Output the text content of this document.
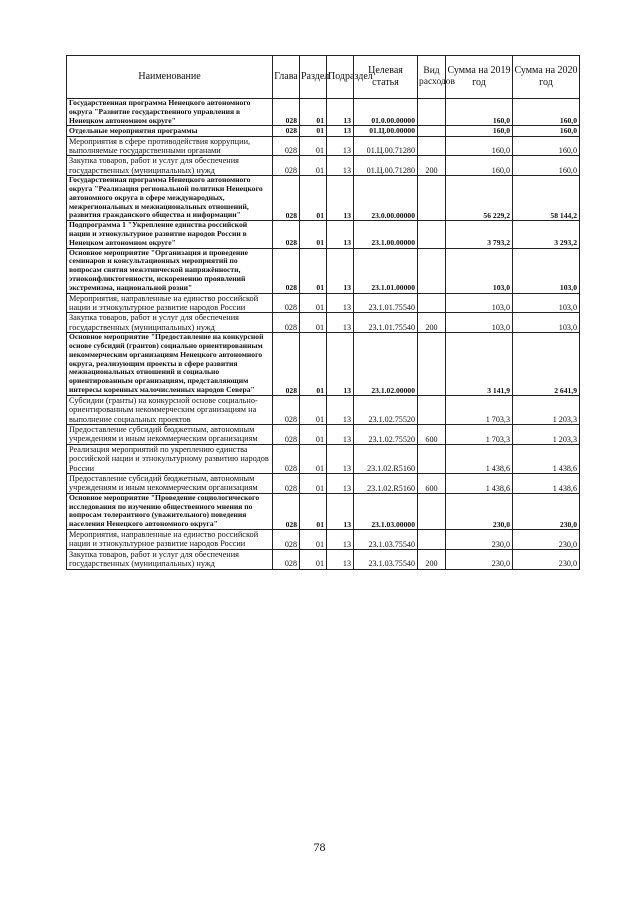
Наименование	Глава	Раздел	Подраздел	Целевая статья	Вид расходов	Сумма на 2019 год	Сумма на 2020 год
Государственная программа Ненецкого автономного округа "Развитие государственного управления в Ненецком автономном округе"	028	01	13	01.0.00.00000		160,0	160,0
Отдельные мероприятия программы	028	01	13	01.Ц.00.00000		160,0	160,0
Мероприятия в сфере противодействия коррупции, выполняемые государственными органами	028	01	13	01.Ц.00.71280		160,0	160,0
Закупка товаров, работ и услуг для обеспечения государственных (муниципальных) нужд	028	01	13	01.Ц.00.71280	200	160,0	160,0
Государственная программа Ненецкого автономного округа "Реализация региональной политики Ненецкого автономного округа в сфере международных, межрегиональных и межнациональных отношений, развития гражданского общества и информации"	028	01	13	23.0.00.00000		56 229,2	58 144,2
Подпрограмма 1 "Укрепление единства российской нации и этнокультурное развитие народов России в Ненецком автономном округе"	028	01	13	23.1.00.00000		3 793,2	3 293,2
Основное мероприятие "Организация и проведение семинаров и консультационных мероприятий по вопросам снятия межэтнической напряжённости, этноконфликтогенности, искоренению проявлений экстремизма, национальной розни"	028	01	13	23.1.01.00000		103,0	103,0
Мероприятия, направленные на единство российской нации и этнокультурное развитие народов России	028	01	13	23.1.01.75540		103,0	103,0
Закупка товаров, работ и услуг для обеспечения государственных (муниципальных) нужд	028	01	13	23.1.01.75540	200	103,0	103,0
Основное мероприятие "Предоставление на конкурсной основе субсидий (грантов) социально ориентированным некоммерческим организациям Ненецкого автономного округа, реализующим проекты в сфере развития межнациональных отношений и социально ориентированным организациям, представляющим интересы коренных малочисленных народов Севера"	028	01	13	23.1.02.00000		3 141,9	2 641,9
Субсидии (гранты) на конкурсной основе социально-ориентированным некоммерческим организациям на выполнение социальных проектов	028	01	13	23.1.02.75520		1 703,3	1 203,3
Предоставление субсидий бюджетным, автономным учреждениям и иным некоммерческим организациям	028	01	13	23.1.02.75520	600	1 703,3	1 203,3
Реализация мероприятий по укреплению единства российской нации и этнокультурному развитию народов России	028	01	13	23.1.02.R5160		1 438,6	1 438,6
Предоставление субсидий бюджетным, автономным учреждениям и иным некоммерческим организациям	028	01	13	23.1.02.R5160	600	1 438,6	1 438,6
Основное мероприятие "Проведение социологического исследования по изучению общественного мнения по вопросам толерантного (уважительного) поведения населения Ненецкого автономного округа"	028	01	13	23.1.03.00000		230,0	230,0
Мероприятия, направленные на единство российской нации и этнокультурное развитие народов России	028	01	13	23.1.03.75540		230,0	230,0
Закупка товаров, работ и услуг для обеспечения государственных (муниципальных) нужд	028	01	13	23.1.03.75540	200	230,0	230,0
78
